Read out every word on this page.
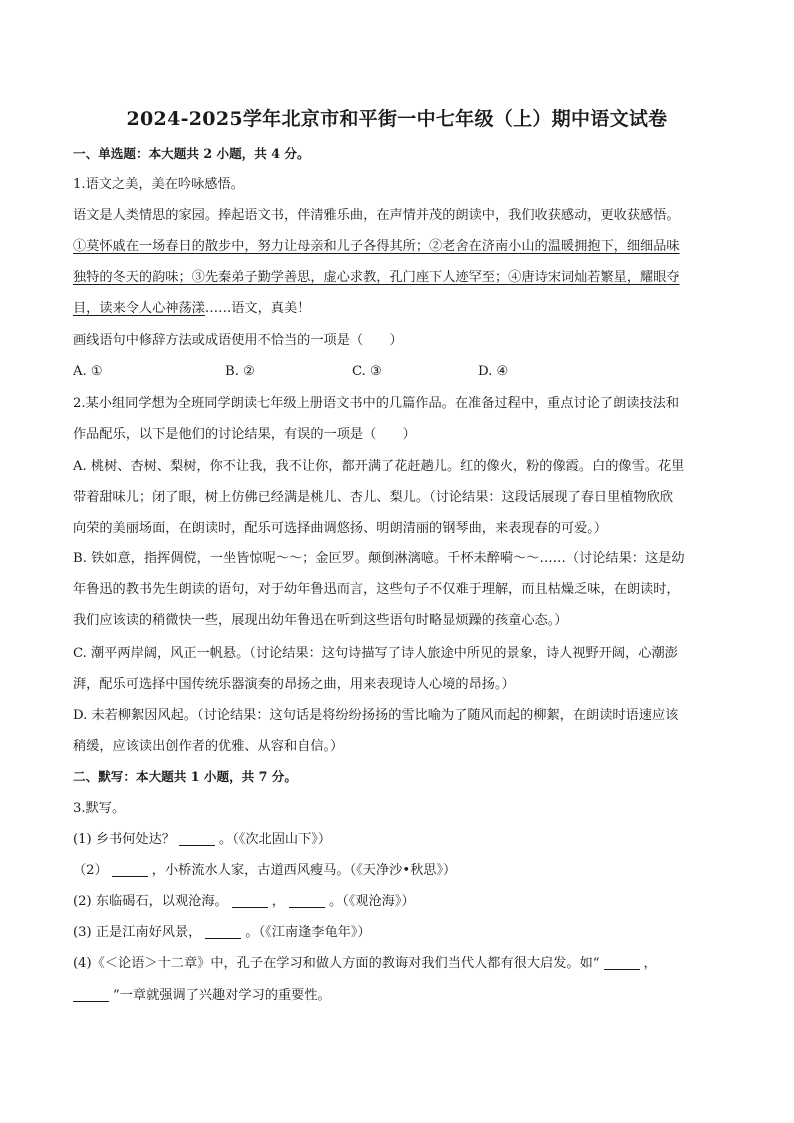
2024-2025学年北京市和平街一中七年级（上）期中语文试卷
一、单选题：本大题共 2 小题，共 4 分。
1.语文之美，美在吟咏感悟。
语文是人类情思的家园。捧起语文书，伴清雅乐曲，在声情并茂的朗读中，我们收获感动，更收获感悟。
①莫怀戚在一场春日的散步中，努力让母亲和儿子各得其所；②老舍在济南小山的温暖拥抱下，细细品味
独特的冬天的韵味；③先秦弟子勤学善思，虚心求教，孔门座下人迹罕至；④唐诗宋词灿若繁星，耀眼夺
目，读来令人心神荡漾……语文，真美！
画线语句中修辞方法或成语使用不恰当的一项是（　　）
A. ①	B. ②	C. ③	D. ④
2.某小组同学想为全班同学朗读七年级上册语文书中的几篇作品。在准备过程中，重点讨论了朗读技法和
作品配乐，以下是他们的讨论结果，有误的一项是（　　）
A. 桃树、杏树、梨树，你不让我，我不让你，都开满了花赶趟儿。红的像火，粉的像霞。白的像雪。花里
带着甜味儿；闭了眼，树上仿佛已经满是桃儿、杏儿、梨儿。（讨论结果：这段话展现了春日里植物欣欣
向荣的美丽场面，在朗读时，配乐可选择曲调悠扬、明朗清丽的钢琴曲，来表现春的可爱。）
B. 铁如意，指挥倜傥，一坐皆惊呢～～；金叵罗。颠倒淋漓噫。千杯未醉嗬～～……（讨论结果：这是幼
年鲁迅的教书先生朗读的语句，对于幼年鲁迅而言，这些句子不仅难于理解，而且枯燥乏味，在朗读时，
我们应该读的稍微快一些，展现出幼年鲁迅在听到这些语句时略显烦躁的孩童心态。）
C. 潮平两岸阔，风正一帆悬。（讨论结果：这句诗描写了诗人旅途中所见的景象，诗人视野开阔，心潮澎
湃，配乐可选择中国传统乐器演奏的昂扬之曲，用来表现诗人心境的昂扬。）
D. 未若柳絮因风起。（讨论结果：这句话是将纷纷扬扬的雪比喻为了随风而起的柳絮，在朗读时语速应该
稍缓，应该读出创作者的优雅、从容和自信。）
二、默写：本大题共 1 小题，共 7 分。
3.默写。
(1) 乡书何处达？	。（《次北固山下》）
（2）	，小桥流水人家，古道西风瘦马。（《天净沙•秋思》）
(2) 东临碣石，以观沧海。	，	。（《观沧海》）
(3) 正是江南好风景，	。（《江南逢李龟年》）
(4)《＜论语＞十二章》中，孔子在学习和做人方面的教诲对我们当代人都有很大启发。如“	，
”一章就强调了兴趣对学习的重要性。
